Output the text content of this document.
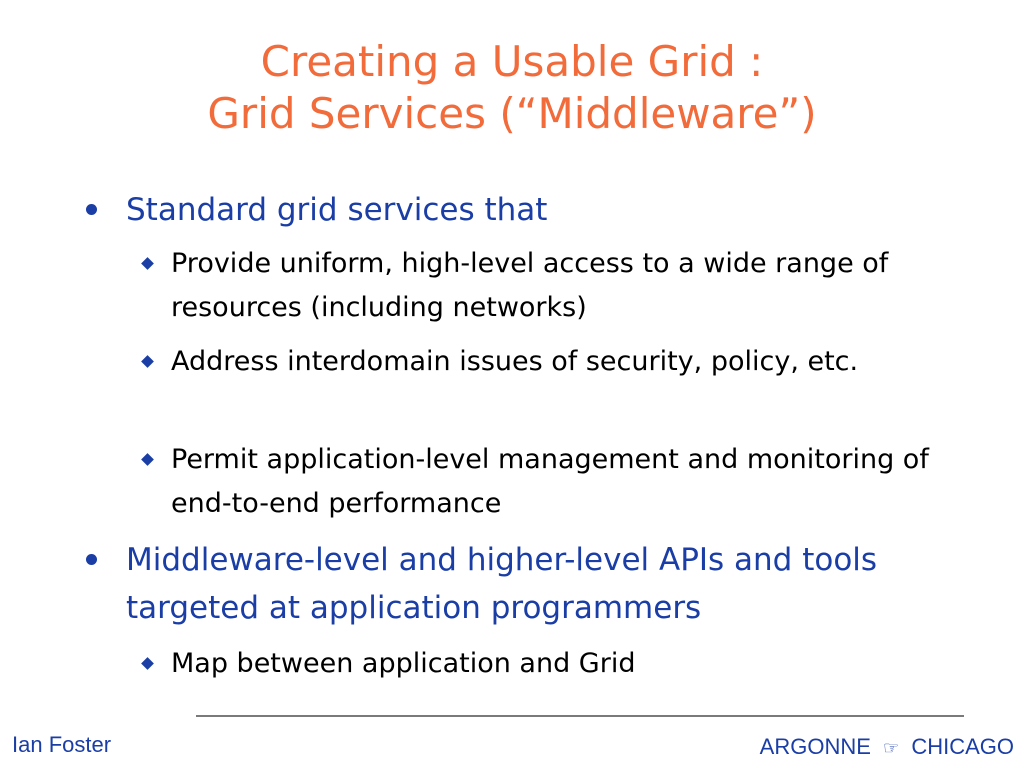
Creating a Usable Grid :
Grid Services (“Middleware”)
Standard grid services that
Provide uniform, high-level access to a wide range of resources (including networks)
Address interdomain issues of security, policy, etc.
Permit application-level management and monitoring of end-to-end performance
Middleware-level and higher-level APIs and tools targeted at application programmers
Map between application and Grid
Ian Foster	ARGONNE ☞ CHICAGO
